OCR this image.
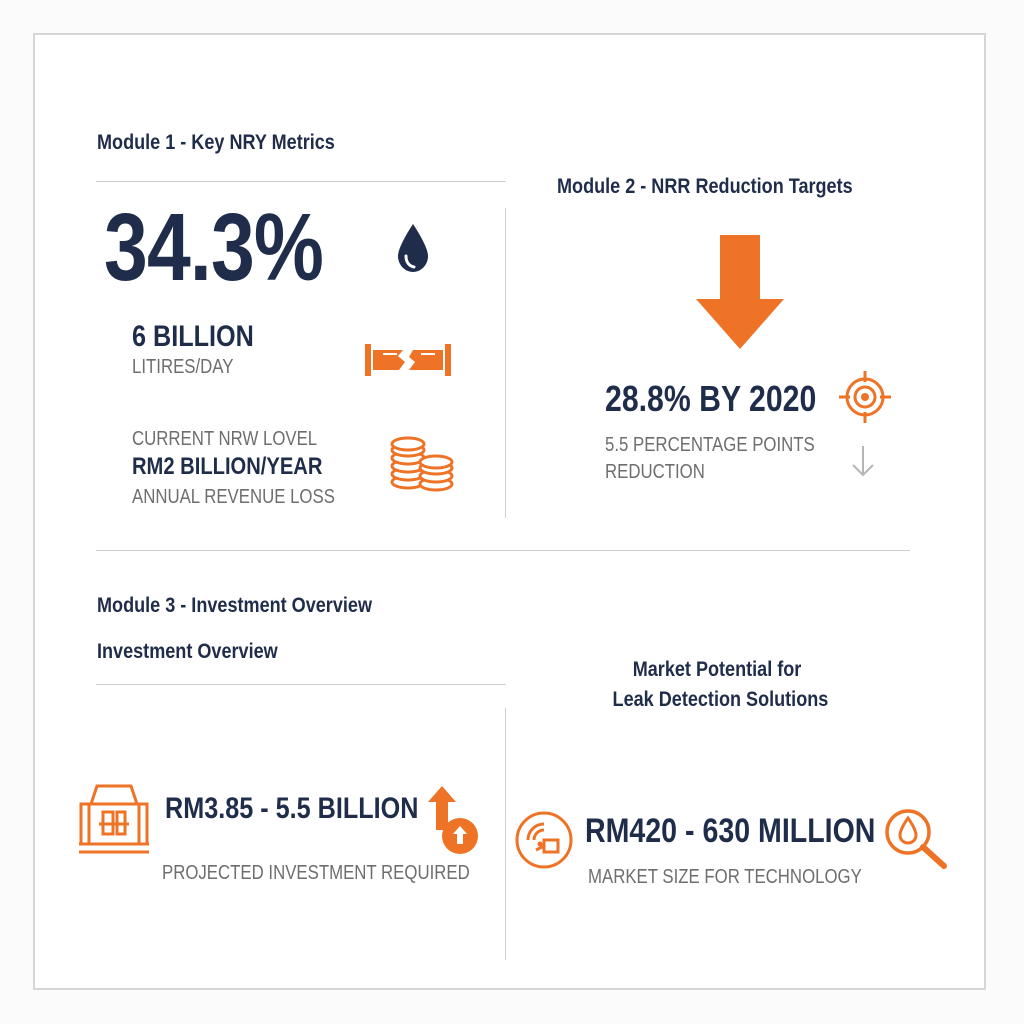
Module 1 - Key NRY Metrics
34.3%
6 BILLION
LITIRES/DAY
CURRENT NRW LOVEL
RM2 BILLION/YEAR
ANNUAL REVENUE LOSS
Module 2 - NRR Reduction Targets
28.8% BY 2020
5.5 PERCENTAGE POINTS
REDUCTION
Module 3 - Investment Overview
Investment Overview
RM3.85 - 5.5 BILLION
PROJECTED INVESTMENT REQUIRED
Market Potential for
Leak Detection Solutions
RM420 - 630 MILLION
MARKET SIZE FOR TECHNOLOGY
